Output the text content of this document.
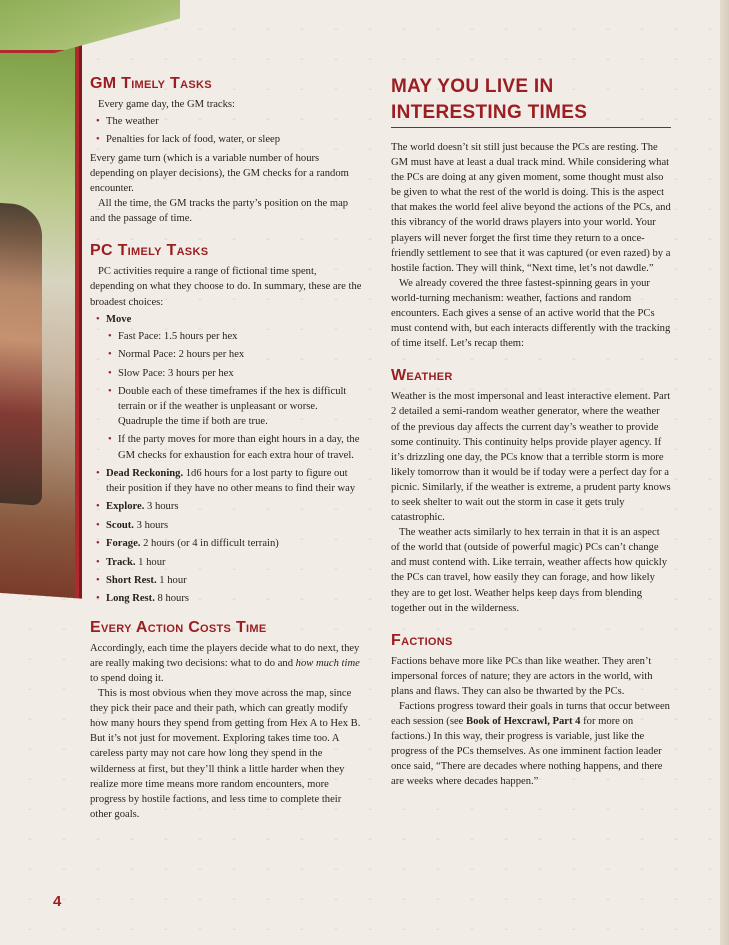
GM Timely Tasks

Every game day, the GM tracks:

• The weather
• Penalties for lack of food, water, or sleep

Every game turn (which is a variable number of hours depending on player decisions), the GM checks for a random encounter.

All the time, the GM tracks the party’s position on the map and the passage of time.

PC Timely Tasks

PC activities require a range of fictional time spent, depending on what they choose to do. In summary, these are the broadest choices:

• Move
• Fast Pace: 1.5 hours per hex
• Normal Pace: 2 hours per hex
• Slow Pace: 3 hours per hex
• Double each of these timeframes if the hex is difficult terrain or if the weather is unpleasant or worse. Quadruple the time if both are true.
• If the party moves for more than eight hours in a day, the GM checks for exhaustion for each extra hour of travel.
• Dead Reckoning. 1d6 hours for a lost party to figure out their position if they have no other means to find their way
• Explore. 3 hours
• Scout. 3 hours
• Forage. 2 hours (or 4 in difficult terrain)
• Track. 1 hour
• Short Rest. 1 hour
• Long Rest. 8 hours
Every Action Costs Time

Accordingly, each time the players decide what to do next, they are really making two decisions: what to do and how much time to spend doing it.

This is most obvious when they move across the map, since they pick their pace and their path, which can greatly modify how many hours they spend from getting from Hex A to Hex B. But it’s not just for movement. Exploring takes time too. A careless party may not care how long they spend in the wilderness at first, but they’ll think a little harder when they realize more time means more random encounters, more progress by hostile factions, and less time to complete their other goals.

MAY YOU LIVE IN INTERESTING TIMES

The world doesn’t sit still just because the PCs are resting. The GM must have at least a dual track mind. While considering what the PCs are doing at any given moment, some thought must also be given to what the rest of the world is doing. This is the aspect that makes the world feel alive beyond the actions of the PCs, and this vibrancy of the world draws players into your world. Your players will never forget the first time they return to a once-friendly settlement to see that it was captured (or even razed) by a hostile faction. They will think, “Next time, let’s not dawdle.”

We already covered the three fastest-spinning gears in your world-turning mechanism: weather, factions and random encounters. Each gives a sense of an active world that the PCs must contend with, but each interacts differently with the tracking of time itself. Let’s recap them:

Weather

Weather is the most impersonal and least interactive element. Part 2 detailed a semi-random weather generator, where the weather of the previous day affects the current day’s weather to provide some continuity. This continuity helps provide player agency. If it’s drizzling one day, the PCs know that a terrible storm is more likely tomorrow than it would be if today were a perfect day for a picnic. Similarly, if the weather is extreme, a prudent party knows to seek shelter to wait out the storm in case it gets truly catastrophic.

The weather acts similarly to hex terrain in that it is an aspect of the world that (outside of powerful magic) PCs can’t change and must contend with. Like terrain, weather affects how quickly the PCs can travel, how easily they can forage, and how likely they are to get lost. Weather helps keep days from blending together out in the wilderness.

Factions

Factions behave more like PCs than like weather. They aren’t impersonal forces of nature; they are actors in the world, with plans and flaws. They can also be thwarted by the PCs.

Factions progress toward their goals in turns that occur between each session (see Book of Hexcrawl, Part 4 for more on factions.) In this way, their progress is variable, just like the progress of the PCs themselves. As one imminent faction leader once said, “There are decades where nothing happens, and there are weeks where decades happen.”

4
